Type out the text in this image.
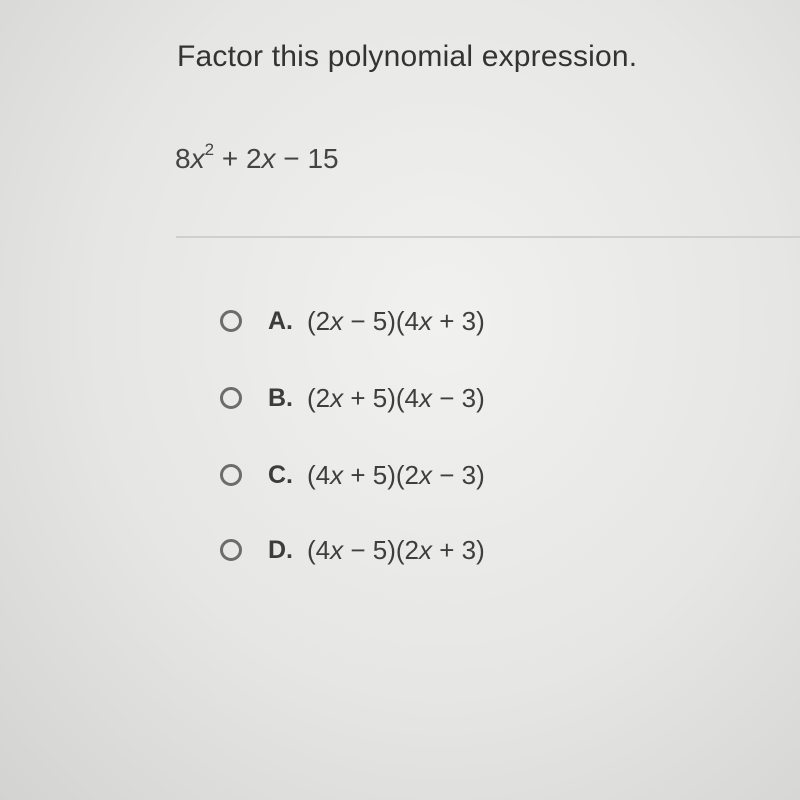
Factor this polynomial expression.
$8x^2 + 2x - 15$
A. (2x − 5)(4x + 3)
B. (2x + 5)(4x − 3)
C. (4x + 5)(2x − 3)
D. (4x − 5)(2x + 3)
